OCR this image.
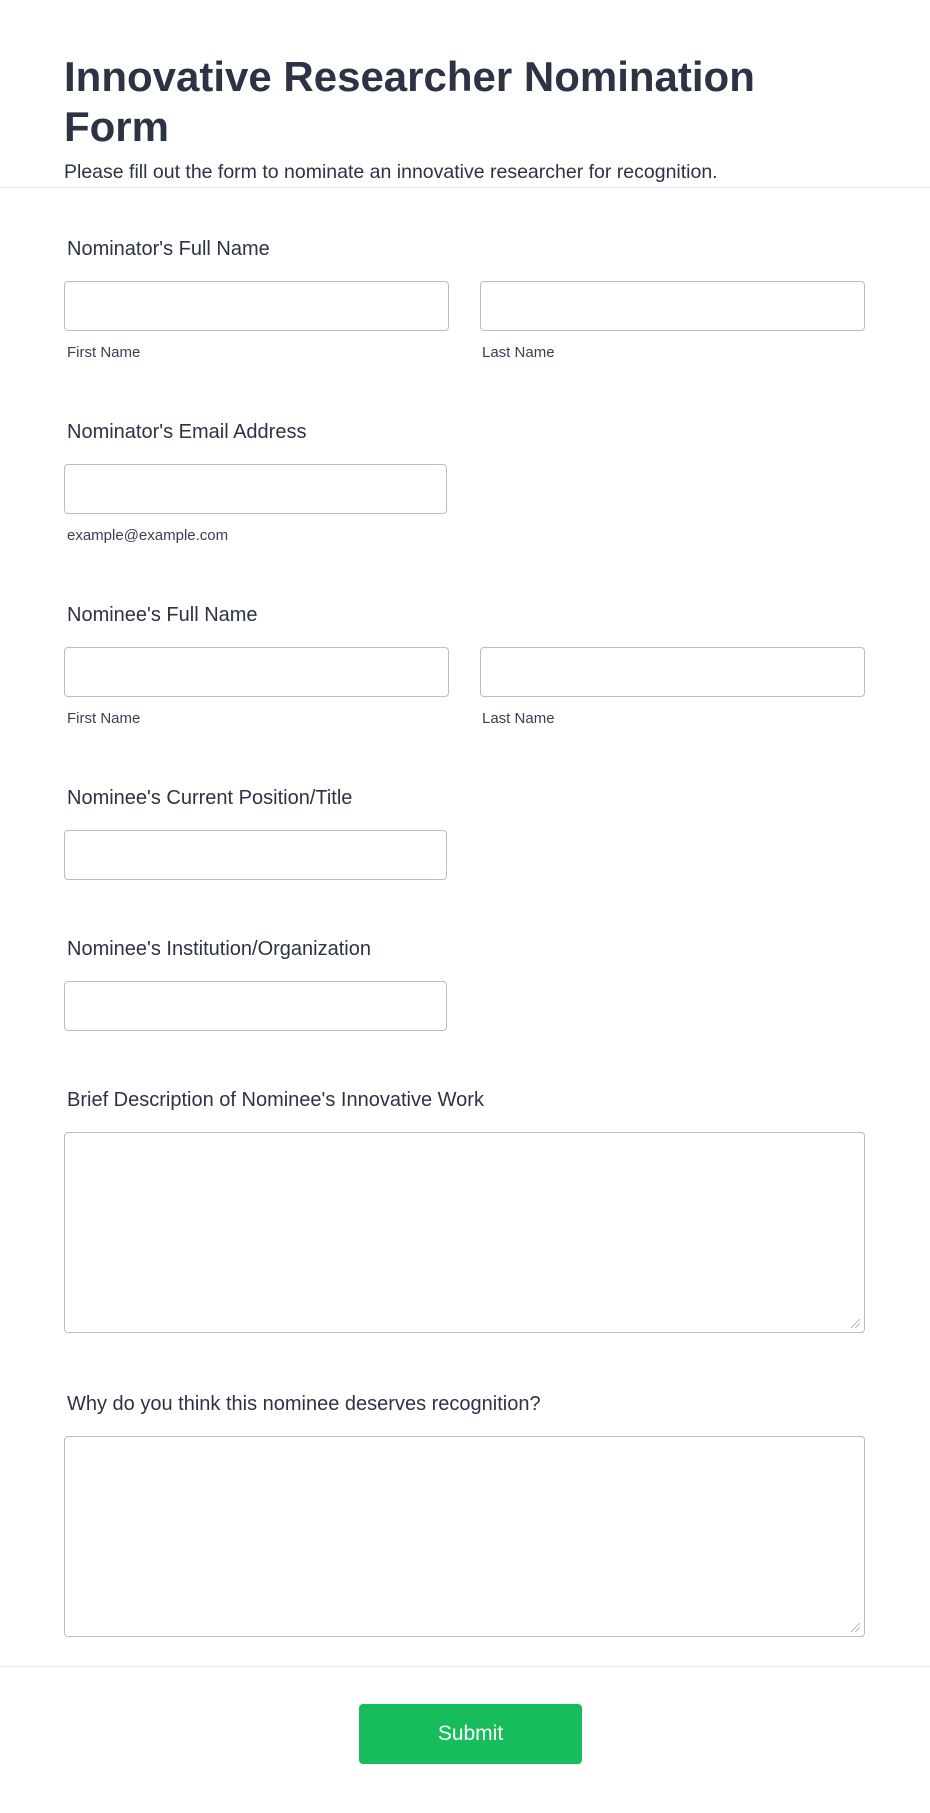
Innovative Researcher Nomination Form

Please fill out the form to nominate an innovative researcher for recognition.

Nominator's Full Name
First Name	Last Name
Nominator's Email Address
example@example.com
Nominee's Full Name
First Name	Last Name
Nominee's Current Position/Title
Nominee's Institution/Organization
Brief Description of Nominee's Innovative Work
Why do you think this nominee deserves recognition?
Submit
